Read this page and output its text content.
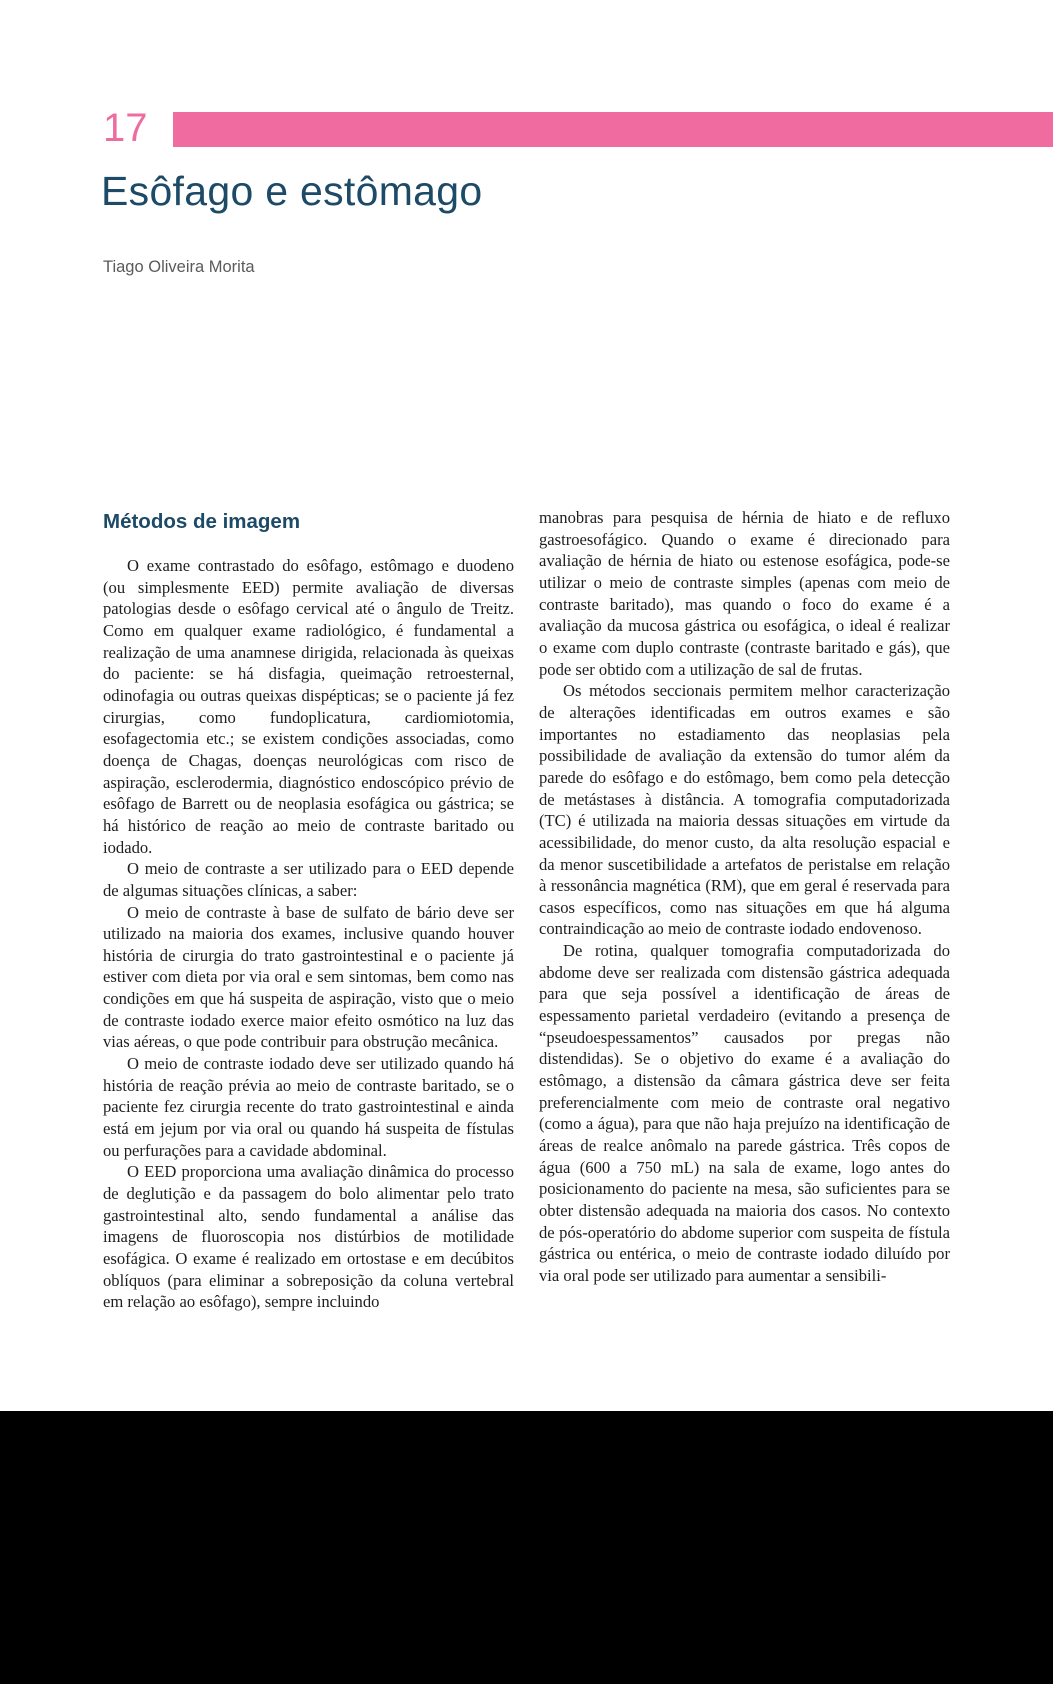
17
Esôfago e estômago
Tiago Oliveira Morita
Métodos de imagem

O exame contrastado do esôfago, estômago e duodeno (ou simplesmente EED) permite avaliação de diversas patologias desde o esôfago cervical até o ângulo de Treitz. Como em qualquer exame radiológico, é fundamental a realização de uma anamnese dirigida, relacionada às queixas do paciente: se há disfagia, queimação retroesternal, odinofagia ou outras queixas dispépticas; se o paciente já fez cirurgias, como fundoplicatura, cardiomiotomia, esofagectomia etc.; se existem condições associadas, como doença de Chagas, doenças neurológicas com risco de aspiração, esclerodermia, diagnóstico endoscópico prévio de esôfago de Barrett ou de neoplasia esofágica ou gástrica; se há histórico de reação ao meio de contraste baritado ou iodado.

O meio de contraste a ser utilizado para o EED depende de algumas situações clínicas, a saber:

O meio de contraste à base de sulfato de bário deve ser utilizado na maioria dos exames, inclusive quando houver história de cirurgia do trato gastrointestinal e o paciente já estiver com dieta por via oral e sem sintomas, bem como nas condições em que há suspeita de aspiração, visto que o meio de contraste iodado exerce maior efeito osmótico na luz das vias aéreas, o que pode contribuir para obstrução mecânica.

O meio de contraste iodado deve ser utilizado quando há história de reação prévia ao meio de contraste baritado, se o paciente fez cirurgia recente do trato gastrointestinal e ainda está em jejum por via oral ou quando há suspeita de fístulas ou perfurações para a cavidade abdominal.

O EED proporciona uma avaliação dinâmica do processo de deglutição e da passagem do bolo alimentar pelo trato gastrointestinal alto, sendo fundamental a análise das imagens de fluoroscopia nos distúrbios de motilidade esofágica. O exame é realizado em ortostase e em decúbitos oblíquos (para eliminar a sobreposição da coluna vertebral em relação ao esôfago), sempre incluindo

manobras para pesquisa de hérnia de hiato e de refluxo gastroesofágico. Quando o exame é direcionado para avaliação de hérnia de hiato ou estenose esofágica, pode-se utilizar o meio de contraste simples (apenas com meio de contraste baritado), mas quando o foco do exame é a avaliação da mucosa gástrica ou esofágica, o ideal é realizar o exame com duplo contraste (contraste baritado e gás), que pode ser obtido com a utilização de sal de frutas.

Os métodos seccionais permitem melhor caracterização de alterações identificadas em outros exames e são importantes no estadiamento das neoplasias pela possibilidade de avaliação da extensão do tumor além da parede do esôfago e do estômago, bem como pela detecção de metástases à distância. A tomografia computadorizada (TC) é utilizada na maioria dessas situações em virtude da acessibilidade, do menor custo, da alta resolução espacial e da menor suscetibilidade a artefatos de peristalse em relação à ressonância magnética (RM), que em geral é reservada para casos específicos, como nas situações em que há alguma contraindicação ao meio de contraste iodado endovenoso.

De rotina, qualquer tomografia computadorizada do abdome deve ser realizada com distensão gástrica adequada para que seja possível a identificação de áreas de espessamento parietal verdadeiro (evitando a presença de “pseudoespessamentos” causados por pregas não distendidas). Se o objetivo do exame é a avaliação do estômago, a distensão da câmara gástrica deve ser feita preferencialmente com meio de contraste oral negativo (como a água), para que não haja prejuízo na identificação de áreas de realce anômalo na parede gástrica. Três copos de água (600 a 750 mL) na sala de exame, logo antes do posicionamento do paciente na mesa, são suficientes para se obter distensão adequada na maioria dos casos. No contexto de pós-operatório do abdome superior com suspeita de fístula gástrica ou entérica, o meio de contraste iodado diluído por via oral pode ser utilizado para aumentar a sensibili-
